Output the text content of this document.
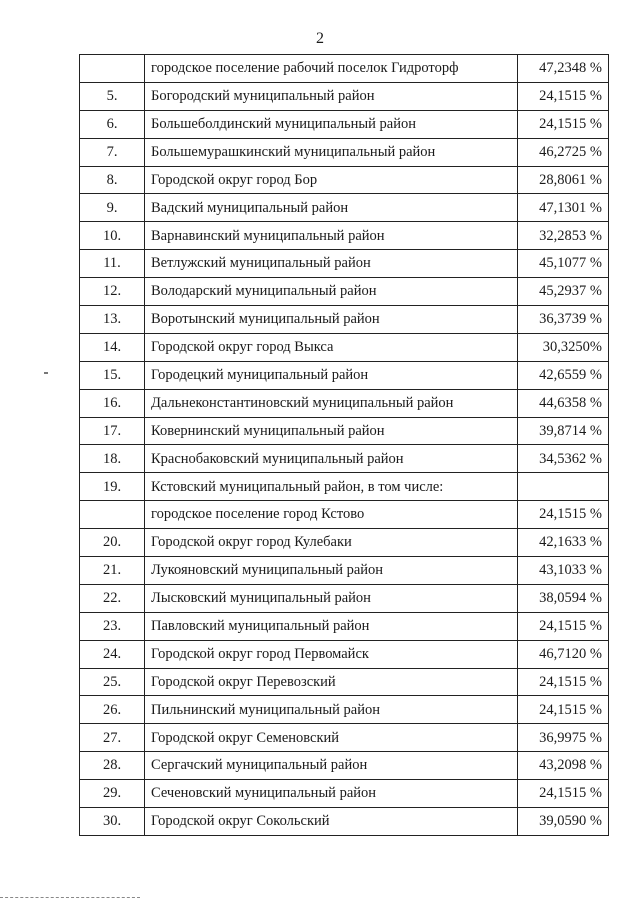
2
	городское поселение рабочий поселок Гидроторф	47,2348 %
5.	Богородский муниципальный район	24,1515 %
6.	Большеболдинский муниципальный район	24,1515 %
7.	Большемурашкинский муниципальный район	46,2725 %
8.	Городской округ город Бор	28,8061 %
9.	Вадский муниципальный район	47,1301 %
10.	Варнавинский муниципальный район	32,2853 %
11.	Ветлужский муниципальный район	45,1077 %
12.	Володарский муниципальный район	45,2937 %
13.	Воротынский муниципальный район	36,3739 %
14.	Городской округ город Выкса	30,3250%
15.	Городецкий муниципальный район	42,6559 %
16.	Дальнеконстантиновский муниципальный район	44,6358 %
17.	Ковернинский муниципальный район	39,8714 %
18.	Краснобаковский муниципальный район	34,5362 %
19.	Кстовский муниципальный район, в том числе:	
	городское поселение город Кстово	24,1515 %
20.	Городской округ город Кулебаки	42,1633 %
21.	Лукояновский муниципальный район	43,1033 %
22.	Лысковский муниципальный район	38,0594 %
23.	Павловский муниципальный район	24,1515 %
24.	Городской округ город Первомайск	46,7120 %
25.	Городской округ Перевозский	24,1515 %
26.	Пильнинский муниципальный район	24,1515 %
27.	Городской округ Семеновский	36,9975 %
28.	Сергачский муниципальный район	43,2098 %
29.	Сеченовский муниципальный район	24,1515 %
30.	Городской округ Сокольский	39,0590 %
